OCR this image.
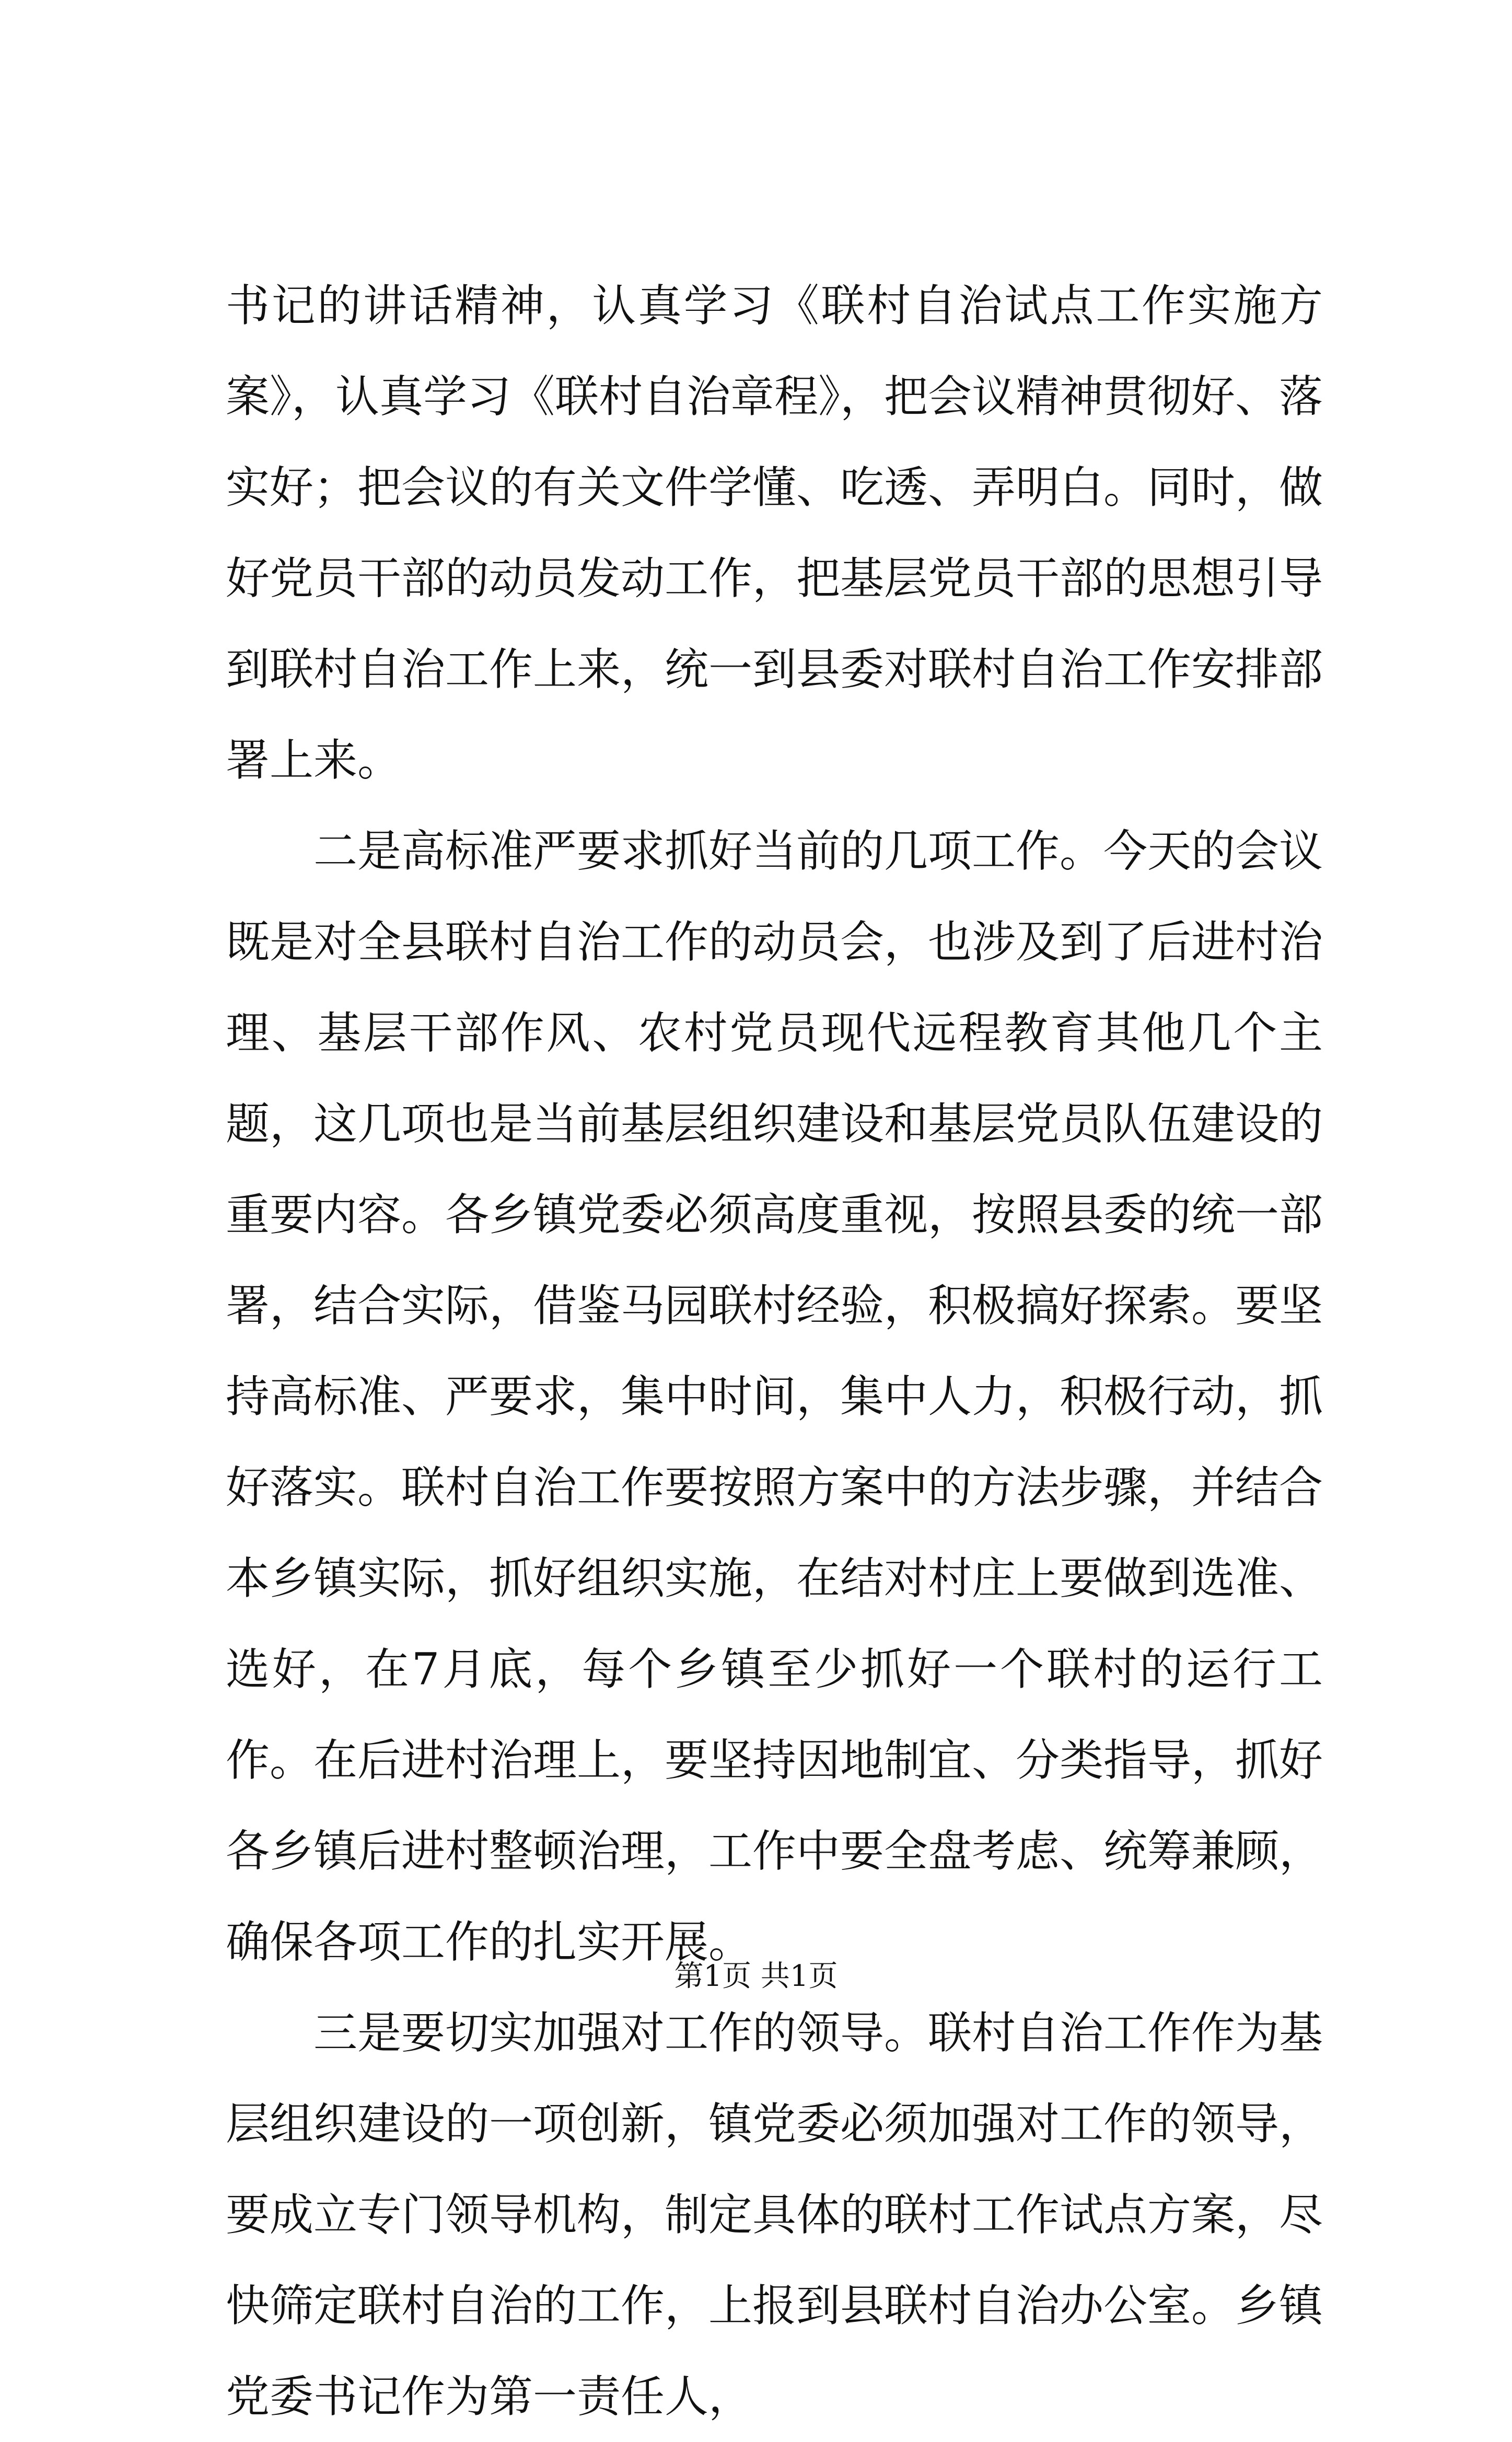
书记的讲话精神，认真学习《联村自治试点工作实施方案》，认真学习《联村自治章程》，把会议精神贯彻好、落实好；把会议的有关文件学懂、吃透、弄明白。同时，做好党员干部的动员发动工作，把基层党员干部的思想引导到联村自治工作上来，统一到县委对联村自治工作安排部署上来。

二是高标准严要求抓好当前的几项工作。今天的会议既是对全县联村自治工作的动员会，也涉及到了后进村治理、基层干部作风、农村党员现代远程教育其他几个主题，这几项也是当前基层组织建设和基层党员队伍建设的重要内容。各乡镇党委必须高度重视，按照县委的统一部署，结合实际，借鉴马园联村经验，积极搞好探索。要坚持高标准、严要求，集中时间，集中人力，积极行动，抓好落实。联村自治工作要按照方案中的方法步骤，并结合本乡镇实际，抓好组织实施，在结对村庄上要做到选准、选好，在7月底，每个乡镇至少抓好一个联村的运行工作。在后进村治理上，要坚持因地制宜、分类指导，抓好各乡镇后进村整顿治理，工作中要全盘考虑、统筹兼顾，确保各项工作的扎实开展。

三是要切实加强对工作的领导。联村自治工作作为基层组织建设的一项创新，镇党委必须加强对工作的领导，要成立专门领导机构，制定具体的联村工作试点方案，尽快筛定联村自治的工作，上报到县联村自治办公室。乡镇党委书记作为第一责任人，

第1页 共1页
